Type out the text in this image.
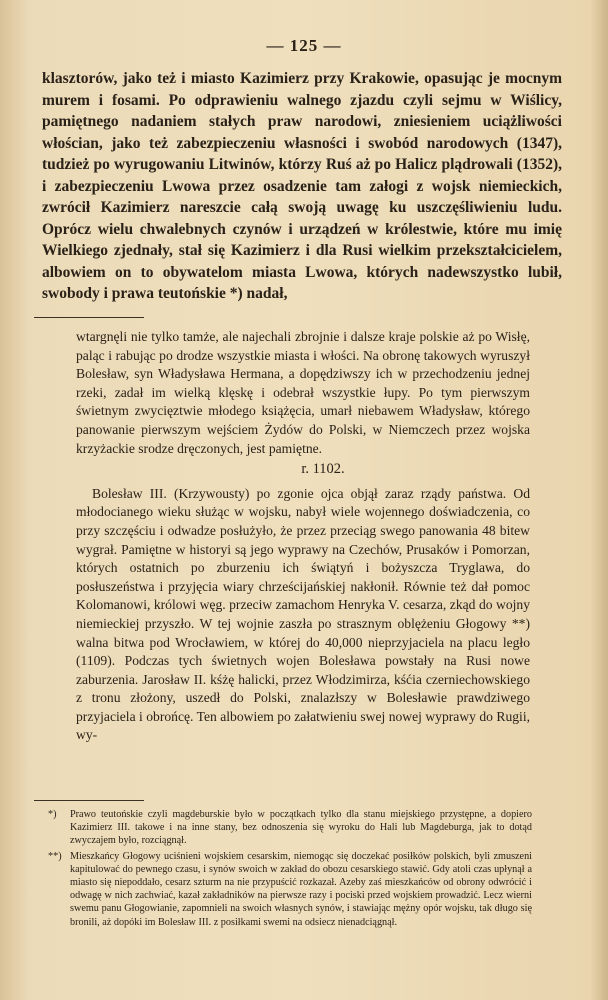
— 125 —

klasztorów, jako też i miasto Kazimierz przy Krakowie, opasując je mocnym murem i fosami. Po odprawieniu walnego zjazdu czyli sejmu w Wiślicy, pamiętnego nadaniem stałych praw narodowi, zniesieniem uciążliwości włościan, jako też zabezpieczeniu własności i swobód narodowych (1347), tudzież po wyrugowaniu Litwinów, którzy Ruś aż po Halicz plądrowali (1352), i zabezpieczeniu Lwowa przez osadzenie tam załogi z wojsk niemieckich, zwrócił Kazimierz nareszcie całą swoją uwagę ku uszczęśliwieniu ludu. Oprócz wielu chwalebnych czynów i urządzeń w królestwie, które mu imię Wielkiego zjednały, stał się Kazimierz i dla Rusi wielkim przekształcicielem, albowiem on to obywatelom miasta Lwowa, których nadewszystko lubił, swobody i prawa teutońskie *) nadał,

wtargnęli nie tylko tamże, ale najechali zbrojnie i dalsze kraje polskie aż po Wisłę, paląc i rabując po drodze wszystkie miasta i włości. Na obronę takowych wyruszył Bolesław, syn Władysława Hermana, a dopędziwszy ich w przechodzeniu jednej rzeki, zadał im wielką klęskę i odebrał wszystkie łupy. Po tym pierwszym świetnym zwycięztwie młodego książęcia, umarł niebawem Władysław, którego panowanie pierwszym wejściem Żydów do Polski, w Niemczech przez wojska krzyżackie srodze dręczonych, jest pamiętne.

r. 1102.

Bolesław III. (Krzywousty) po zgonie ojca objął zaraz rządy państwa. Od młodocianego wieku służąc w wojsku, nabył wiele wojennego doświadczenia, co przy szczęściu i odwadze posłużyło, że przez przeciąg swego panowania 48 bitew wygrał. Pamiętne w historyi są jego wyprawy na Czechów, Prusaków i Pomorzan, których ostatnich po zburzeniu ich świątyń i bożyszcza Tryglawa, do posłuszeństwa i przyjęcia wiary chrześcijańskiej nakłonił. Równie też dał pomoc Kolomanowi, królowi węg. przeciw zamachom Henryka V. cesarza, zkąd do wojny niemieckiej przyszło. W tej wojnie zaszła po strasznym oblężeniu Głogowy **) walna bitwa pod Wrocławiem, w której do 40,000 nieprzyjaciela na placu legło (1109). Podczas tych świetnych wojen Bolesława powstały na Rusi nowe zaburzenia. Jarosław II. kśżę halicki, przez Włodzimirza, kśćia czerniechowskiego z tronu złożony, uszedł do Polski, znalazłszy w Bolesławie prawdziwego przyjaciela i obrońcę. Ten albowiem po załatwieniu swej nowej wyprawy do Rugii, wy-

*)	Prawo teutońskie czyli magdeburskie było w początkach tylko dla stanu miejskiego przystępne, a dopiero Kazimierz III. takowe i na inne stany, bez odnoszenia się wyroku do Hali lub Magdeburga, jak to dotąd zwyczajem było, rozciągnął.
**) Mieszkańcy Głogowy uciśnieni wojskiem cesarskim, niemogąc się doczekać posiłków polskich, byli zmuszeni kapitulować do pewnego czasu, i synów swoich w zakład do obozu cesarskiego stawić. Gdy atoli czas upłynął a miasto się niepoddało, cesarz szturm na nie przypuścić rozkazał. Azeby zaś mieszkańców od obrony odwrócić i odwagę w nich zachwiać, kazał zakładników na pierwsze razy i pociski przed wojskiem prowadzić. Lecz wierni swemu panu Głogowianie, zapomnieli na swoich własnych synów, i stawiając mężny opór wojsku, tak długo się bronili, aż dopóki im Bolesław III. z posiłkami swemi na odsiecz nienadciągnął.
